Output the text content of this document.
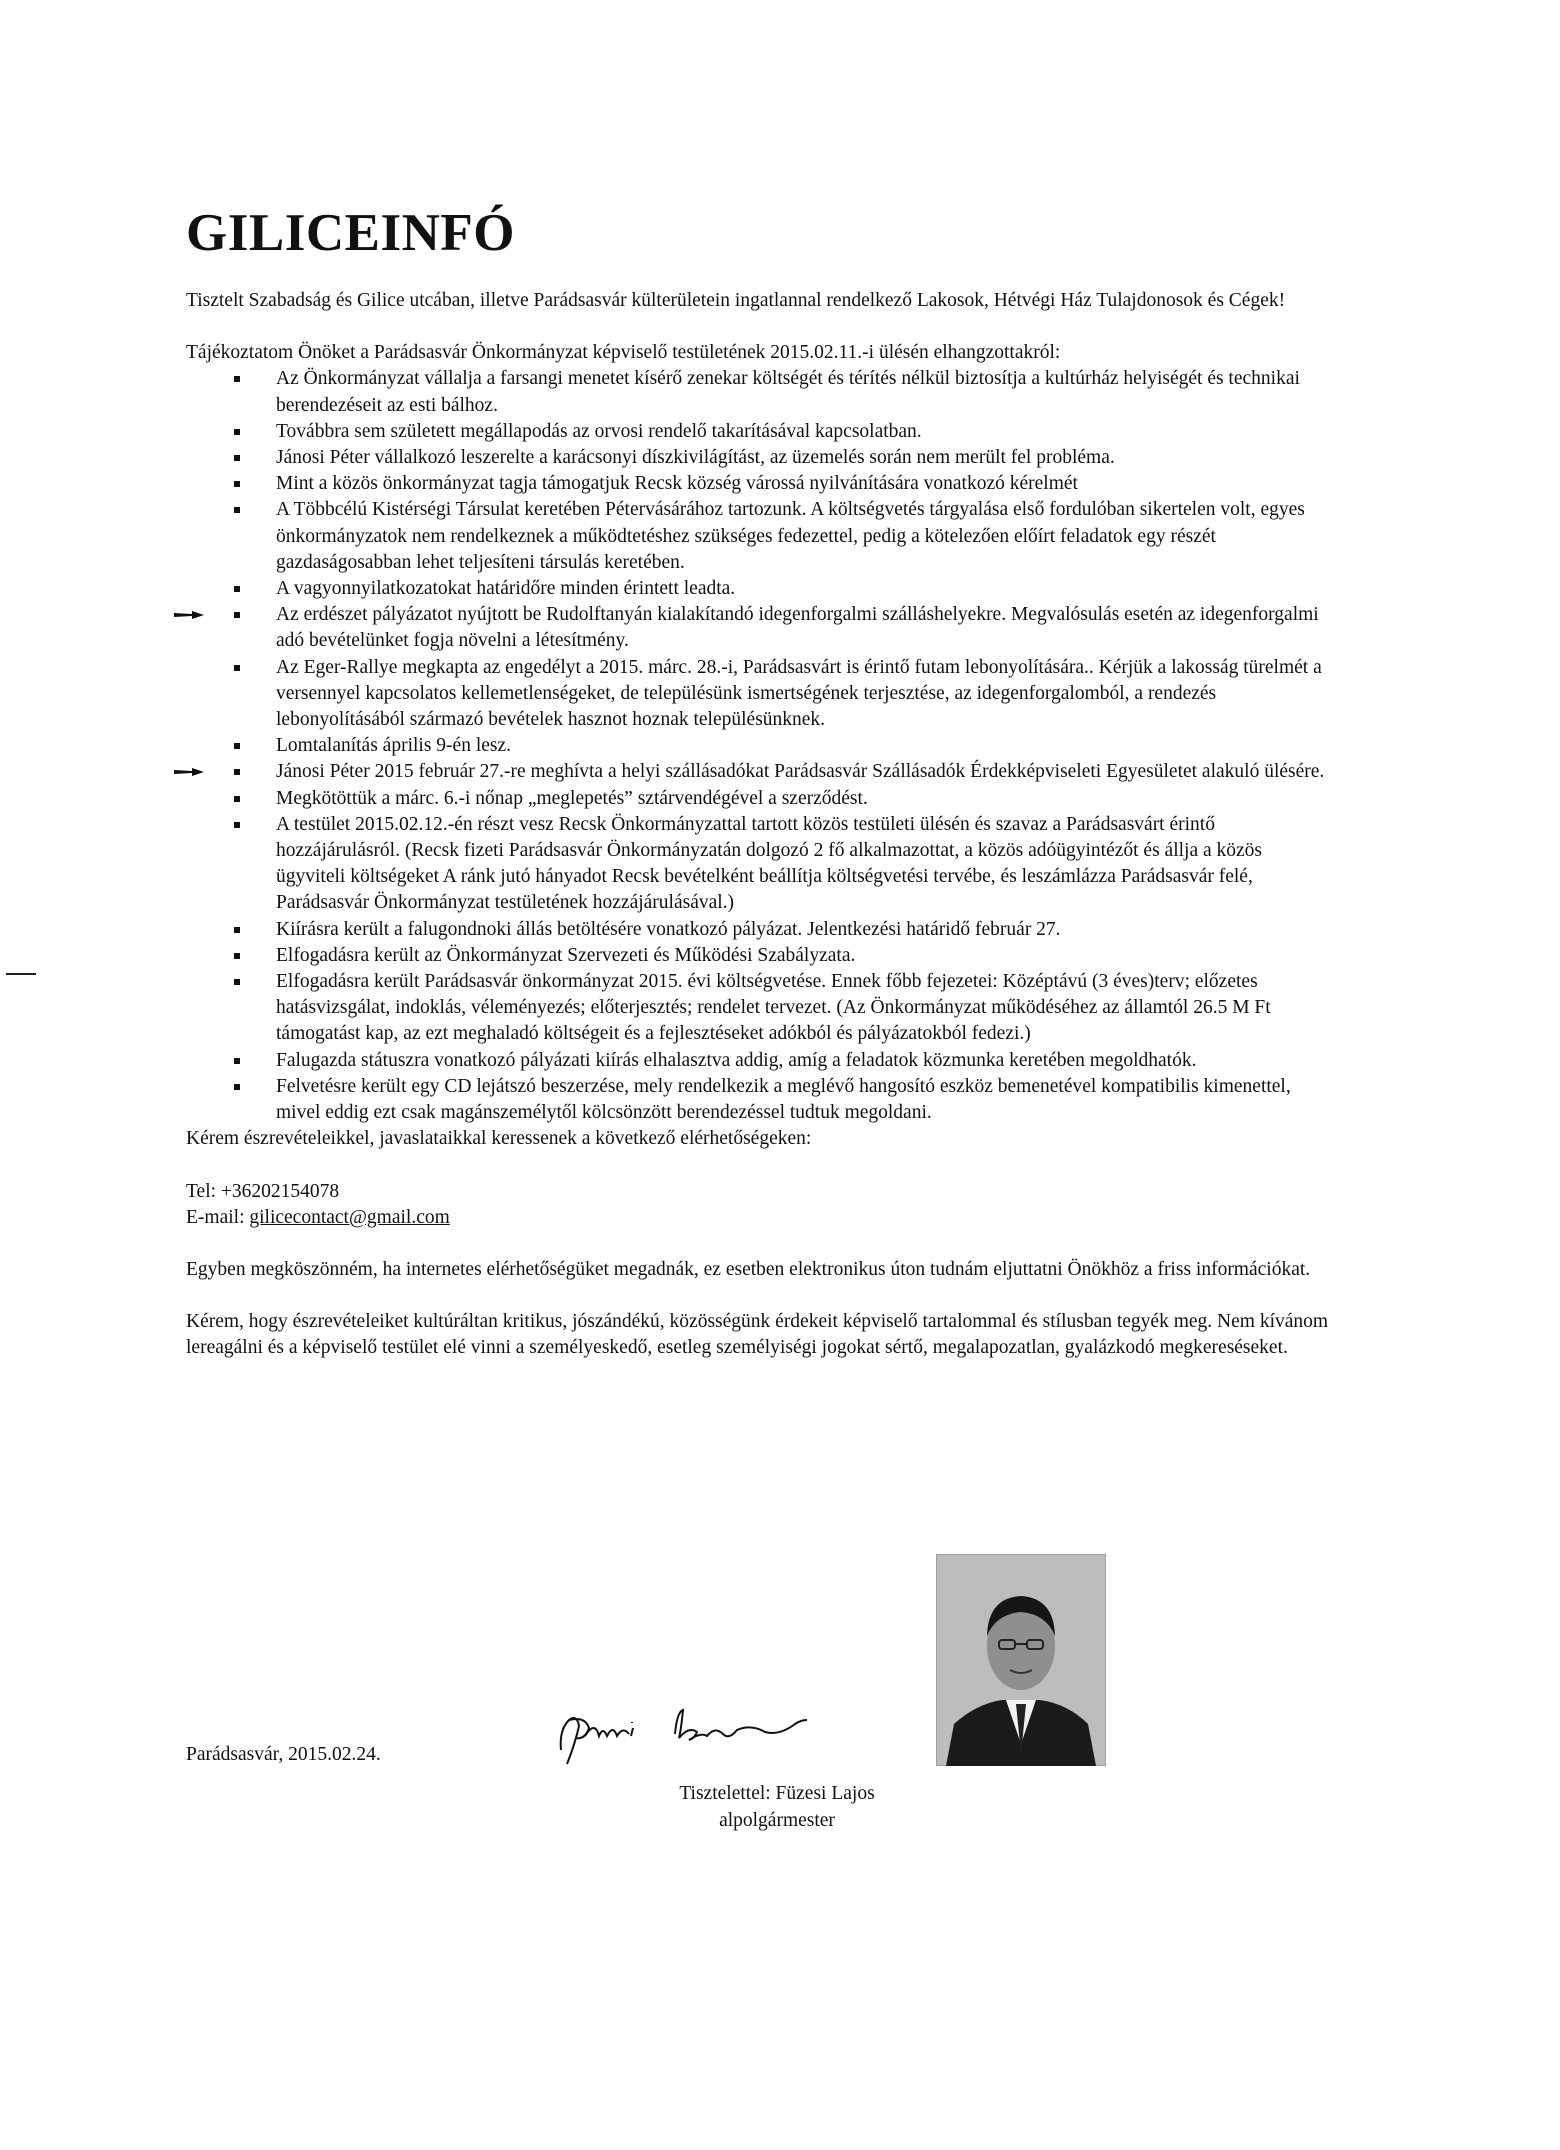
GILICEINFÓ

Tisztelt Szabadság és Gilice utcában, illetve Parádsasvár külterületein ingatlannal rendelkező Lakosok, Hétvégi Ház Tulajdonosok és Cégek!

Tájékoztatom Önöket a Parádsasvár Önkormányzat képviselő testületének 2015.02.11.-i ülésén elhangzottakról:

Az Önkormányzat vállalja a farsangi menetet kísérő zenekar költségét és térítés nélkül biztosítja a kultúrház helyiségét és technikai berendezéseit az esti bálhoz.
Továbbra sem született megállapodás az orvosi rendelő takarításával kapcsolatban.
Jánosi Péter vállalkozó leszerelte a karácsonyi díszkivilágítást, az üzemelés során nem merült fel probléma.
Mint a közös önkormányzat tagja támogatjuk Recsk község várossá nyilvánítására vonatkozó kérelmét
A Többcélú Kistérségi Társulat keretében Pétervásárához tartozunk. A költségvetés tárgyalása első fordulóban sikertelen volt, egyes önkormányzatok nem rendelkeznek a működtetéshez szükséges fedezettel, pedig a kötelezően előírt feladatok egy részét gazdaságosabban lehet teljesíteni társulás keretében.
A vagyonnyilatkozatokat határidőre minden érintett leadta.
Az erdészet pályázatot nyújtott be Rudolftanyán kialakítandó idegenforgalmi szálláshelyekre. Megvalósulás esetén az idegenforgalmi adó bevételünket fogja növelni a létesítmény.
Az Eger-Rallye megkapta az engedélyt a 2015. márc. 28.-i, Parádsasvárt is érintő futam lebonyolítására.. Kérjük a lakosság türelmét a versennyel kapcsolatos kellemetlenségeket, de településünk ismertségének terjesztése, az idegenforgalomból, a rendezés lebonyolításából származó bevételek hasznot hoznak településünknek.
Lomtalanítás április 9-én lesz.
Jánosi Péter 2015 február 27.-re meghívta a helyi szállásadókat Parádsasvár Szállásadók Érdekképviseleti Egyesületet alakuló ülésére.
Megkötöttük a márc. 6.-i nőnap „meglepetés” sztárvendégével a szerződést.
A testület 2015.02.12.-én részt vesz Recsk Önkormányzattal tartott közös testületi ülésén és szavaz a Parádsasvárt érintő hozzájárulásról. (Recsk fizeti Parádsasvár Önkormányzatán dolgozó 2 fő alkalmazottat, a közös adóügyintézőt és állja a közös ügyviteli költségeket A ránk jutó hányadot Recsk bevételként beállítja költségvetési tervébe, és leszámlázza Parádsasvár felé, Parádsasvár Önkormányzat testületének hozzájárulásával.)
Kiírásra került a falugondnoki állás betöltésére vonatkozó pályázat. Jelentkezési határidő február 27.
Elfogadásra került az Önkormányzat Szervezeti és Működési Szabályzata.
Elfogadásra került Parádsasvár önkormányzat 2015. évi költségvetése. Ennek főbb fejezetei: Középtávú (3 éves)terv; előzetes hatásvizsgálat, indoklás, véleményezés; előterjesztés; rendelet tervezet. (Az Önkormányzat működéséhez az államtól 26.5 M Ft támogatást kap, az ezt meghaladó költségeit és a fejlesztéseket adókból és pályázatokból fedezi.)
Falugazda státuszra vonatkozó pályázati kiírás elhalasztva addig, amíg a feladatok közmunka keretében megoldhatók.
Felvetésre került egy CD lejátszó beszerzése, mely rendelkezik a meglévő hangosító eszköz bemenetével kompatibilis kimenettel, mivel eddig ezt csak magánszemélytől kölcsönzött berendezéssel tudtuk megoldani.

Kérem észrevételeikkel, javaslataikkal keressenek a következő elérhetőségeken:

Tel: +36202154078

E-mail: gilicecontact@gmail.com

Egyben megköszönném, ha internetes elérhetőségüket megadnák, ez esetben elektronikus úton tudnám eljuttatni Önökhöz a friss információkat.

Kérem, hogy észrevételeiket kultúráltan kritikus, jószándékú, közösségünk érdekeit képviselő tartalommal és stílusban tegyék meg. Nem kívánom lereagálni és a képviselő testület elé vinni a személyeskedő, esetleg személyiségi jogokat sértő, megalapozatlan, gyalázkodó megkereséseket.

Parádsasvár, 2015.02.24.
Tisztelettel: Füzesi Lajos
alpolgármester
